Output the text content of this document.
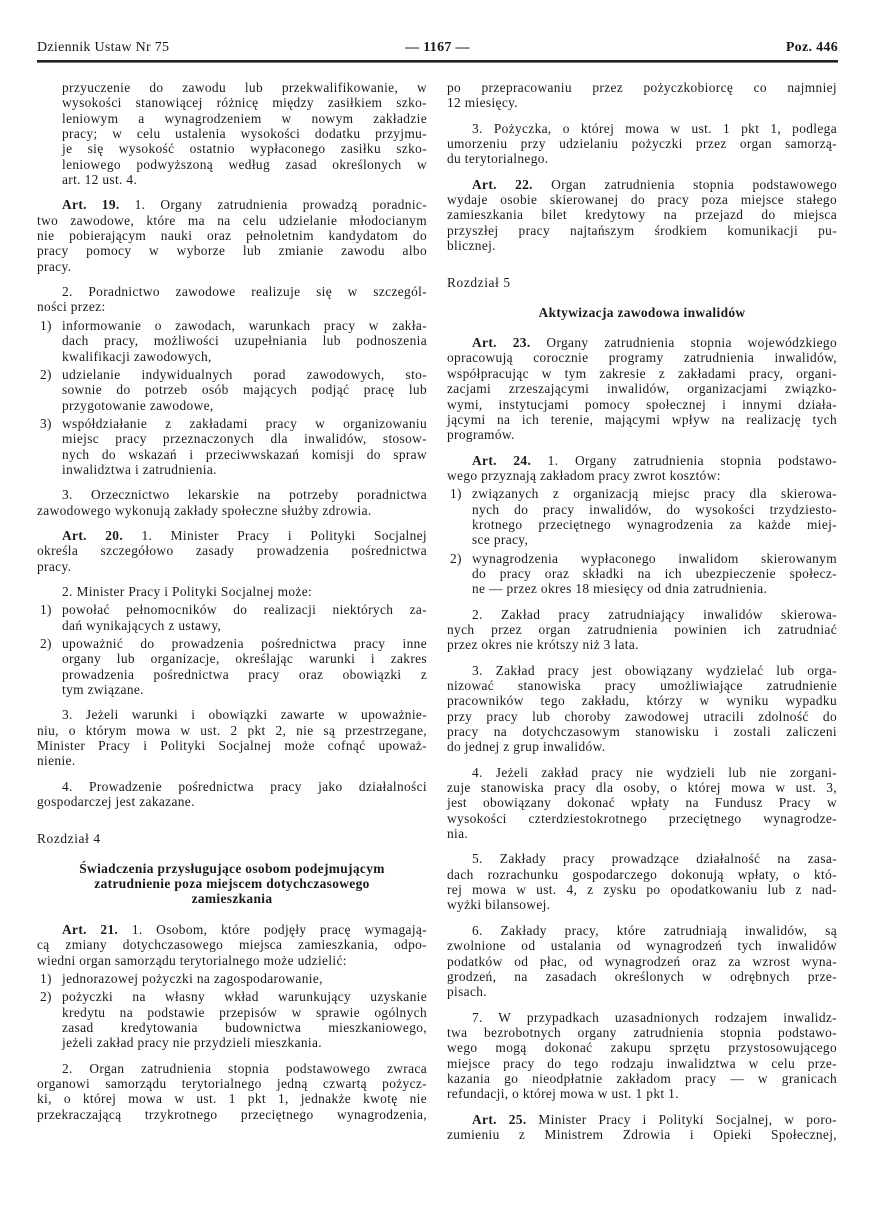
Dziennik Ustaw Nr 75	— 1167 —	Poz. 446
przyuczenie do zawodu lub przekwalifikowanie, w
wysokości stanowiącej różnicę między zasiłkiem szko-
leniowym a wynagrodzeniem w nowym zakładzie
pracy; w celu ustalenia wysokości dodatku przyjmu-
je się wysokość ostatnio wypłaconego zasiłku szko-
leniowego podwyższoną według zasad określonych w
art. 12 ust. 4.
Art. 19. 1. Organy zatrudnienia prowadzą poradnic-
two zawodowe, które ma na celu udzielanie młodocianym
nie pobierającym nauki oraz pełnoletnim kandydatom do
pracy pomocy w wyborze lub zmianie zawodu albo
pracy.
2. Poradnictwo zawodowe realizuje się w szczegól-
ności przez:
1) informowanie o zawodach, warunkach pracy w zakła-
dach pracy, możliwości uzupełniania lub podnoszenia
kwalifikacji zawodowych,
2) udzielanie indywidualnych porad zawodowych, sto-
sownie do potrzeb osób mających podjąć pracę lub
przygotowanie zawodowe,
3) współdziałanie z zakładami pracy w organizowaniu
miejsc pracy przeznaczonych dla inwalidów, stosow-
nych do wskazań i przeciwwskazań komisji do spraw
inwalidztwa i zatrudnienia.
3. Orzecznictwo lekarskie na potrzeby poradnictwa
zawodowego wykonują zakłady społeczne służby zdrowia.
Art. 20. 1. Minister Pracy i Polityki Socjalnej
określa szczegółowo zasady prowadzenia pośrednictwa
pracy.
2. Minister Pracy i Polityki Socjalnej może:
1) powołać pełnomocników do realizacji niektórych za-
dań wynikających z ustawy,
2) upoważnić do prowadzenia pośrednictwa pracy inne
organy lub organizacje, określając warunki i zakres
prowadzenia pośrednictwa pracy oraz obowiązki z
tym związane.
3. Jeżeli warunki i obowiązki zawarte w upoważnie-
niu, o którym mowa w ust. 2 pkt 2, nie są przestrzegane,
Minister Pracy i Polityki Socjalnej może cofnąć upoważ-
nienie.
4. Prowadzenie pośrednictwa pracy jako działalności
gospodarczej jest zakazane.
Rozdział 4
Świadczenia przysługujące osobom podejmującym
zatrudnienie poza miejscem dotychczasowego
zamieszkania
Art. 21. 1. Osobom, które podjęły pracę wymagają-
cą zmiany dotychczasowego miejsca zamieszkania, odpo-
wiedni organ samorządu terytorialnego może udzielić:
1) jednorazowej pożyczki na zagospodarowanie,
2) pożyczki na własny wkład warunkujący uzyskanie
kredytu na podstawie przepisów w sprawie ogólnych
zasad kredytowania budownictwa mieszkaniowego,
jeżeli zakład pracy nie przydzieli mieszkania.
2. Organ zatrudnienia stopnia podstawowego zwraca
organowi samorządu terytorialnego jedną czwartą pożycz-
ki, o której mowa w ust. 1 pkt 1, jednakże kwotę nie
przekraczającą trzykrotnego przeciętnego wynagrodzenia,
po przepracowaniu przez pożyczkobiorcę co najmniej
12 miesięcy.
3. Pożyczka, o której mowa w ust. 1 pkt 1, podlega
umorzeniu przy udzielaniu pożyczki przez organ samorzą-
du terytorialnego.
Art. 22. Organ zatrudnienia stopnia podstawowego
wydaje osobie skierowanej do pracy poza miejsce stałego
zamieszkania bilet kredytowy na przejazd do miejsca
przyszłej pracy najtańszym środkiem komunikacji pu-
blicznej.
Rozdział 5
Aktywizacja zawodowa inwalidów
Art. 23. Organy zatrudnienia stopnia wojewódzkiego
opracowują corocznie programy zatrudnienia inwalidów,
współpracując w tym zakresie z zakładami pracy, organi-
zacjami zrzeszającymi inwalidów, organizacjami związko-
wymi, instytucjami pomocy społecznej i innymi działa-
jącymi na ich terenie, mającymi wpływ na realizację tych
programów.
Art. 24. 1. Organy zatrudnienia stopnia podstawo-
wego przyznają zakładom pracy zwrot kosztów:
1) związanych z organizacją miejsc pracy dla skierowa-
nych do pracy inwalidów, do wysokości trzydziesto-
krotnego przeciętnego wynagrodzenia za każde miej-
sce pracy,
2) wynagrodzenia wypłaconego inwalidom skierowanym
do pracy oraz składki na ich ubezpieczenie społecz-
ne — przez okres 18 miesięcy od dnia zatrudnienia.
2. Zakład pracy zatrudniający inwalidów skierowa-
nych przez organ zatrudnienia powinien ich zatrudniać
przez okres nie krótszy niż 3 lata.
3. Zakład pracy jest obowiązany wydzielać lub orga-
nizować stanowiska pracy umożliwiające zatrudnienie
pracowników tego zakładu, którzy w wyniku wypadku
przy pracy lub choroby zawodowej utracili zdolność do
pracy na dotychczasowym stanowisku i zostali zaliczeni
do jednej z grup inwalidów.
4. Jeżeli zakład pracy nie wydzieli lub nie zorgani-
zuje stanowiska pracy dla osoby, o której mowa w ust. 3,
jest obowiązany dokonać wpłaty na Fundusz Pracy w
wysokości czterdziestokrotnego przeciętnego wynagrodze-
nia.
5. Zakłady pracy prowadzące działalność na zasa-
dach rozrachunku gospodarczego dokonują wpłaty, o któ-
rej mowa w ust. 4, z zysku po opodatkowaniu lub z nad-
wyżki bilansowej.
6. Zakłady pracy, które zatrudniają inwalidów, są
zwolnione od ustalania od wynagrodzeń tych inwalidów
podatków od płac, od wynagrodzeń oraz za wzrost wyna-
grodzeń, na zasadach określonych w odrębnych prze-
pisach.
7. W przypadkach uzasadnionych rodzajem inwalidz-
twa bezrobotnych organy zatrudnienia stopnia podstawo-
wego mogą dokonać zakupu sprzętu przystosowującego
miejsce pracy do tego rodzaju inwalidztwa w celu prze-
kazania go nieodpłatnie zakładom pracy — w granicach
refundacji, o której mowa w ust. 1 pkt 1.
Art. 25. Minister Pracy i Polityki Socjalnej, w poro-
zumieniu z Ministrem Zdrowia i Opieki Społecznej,
